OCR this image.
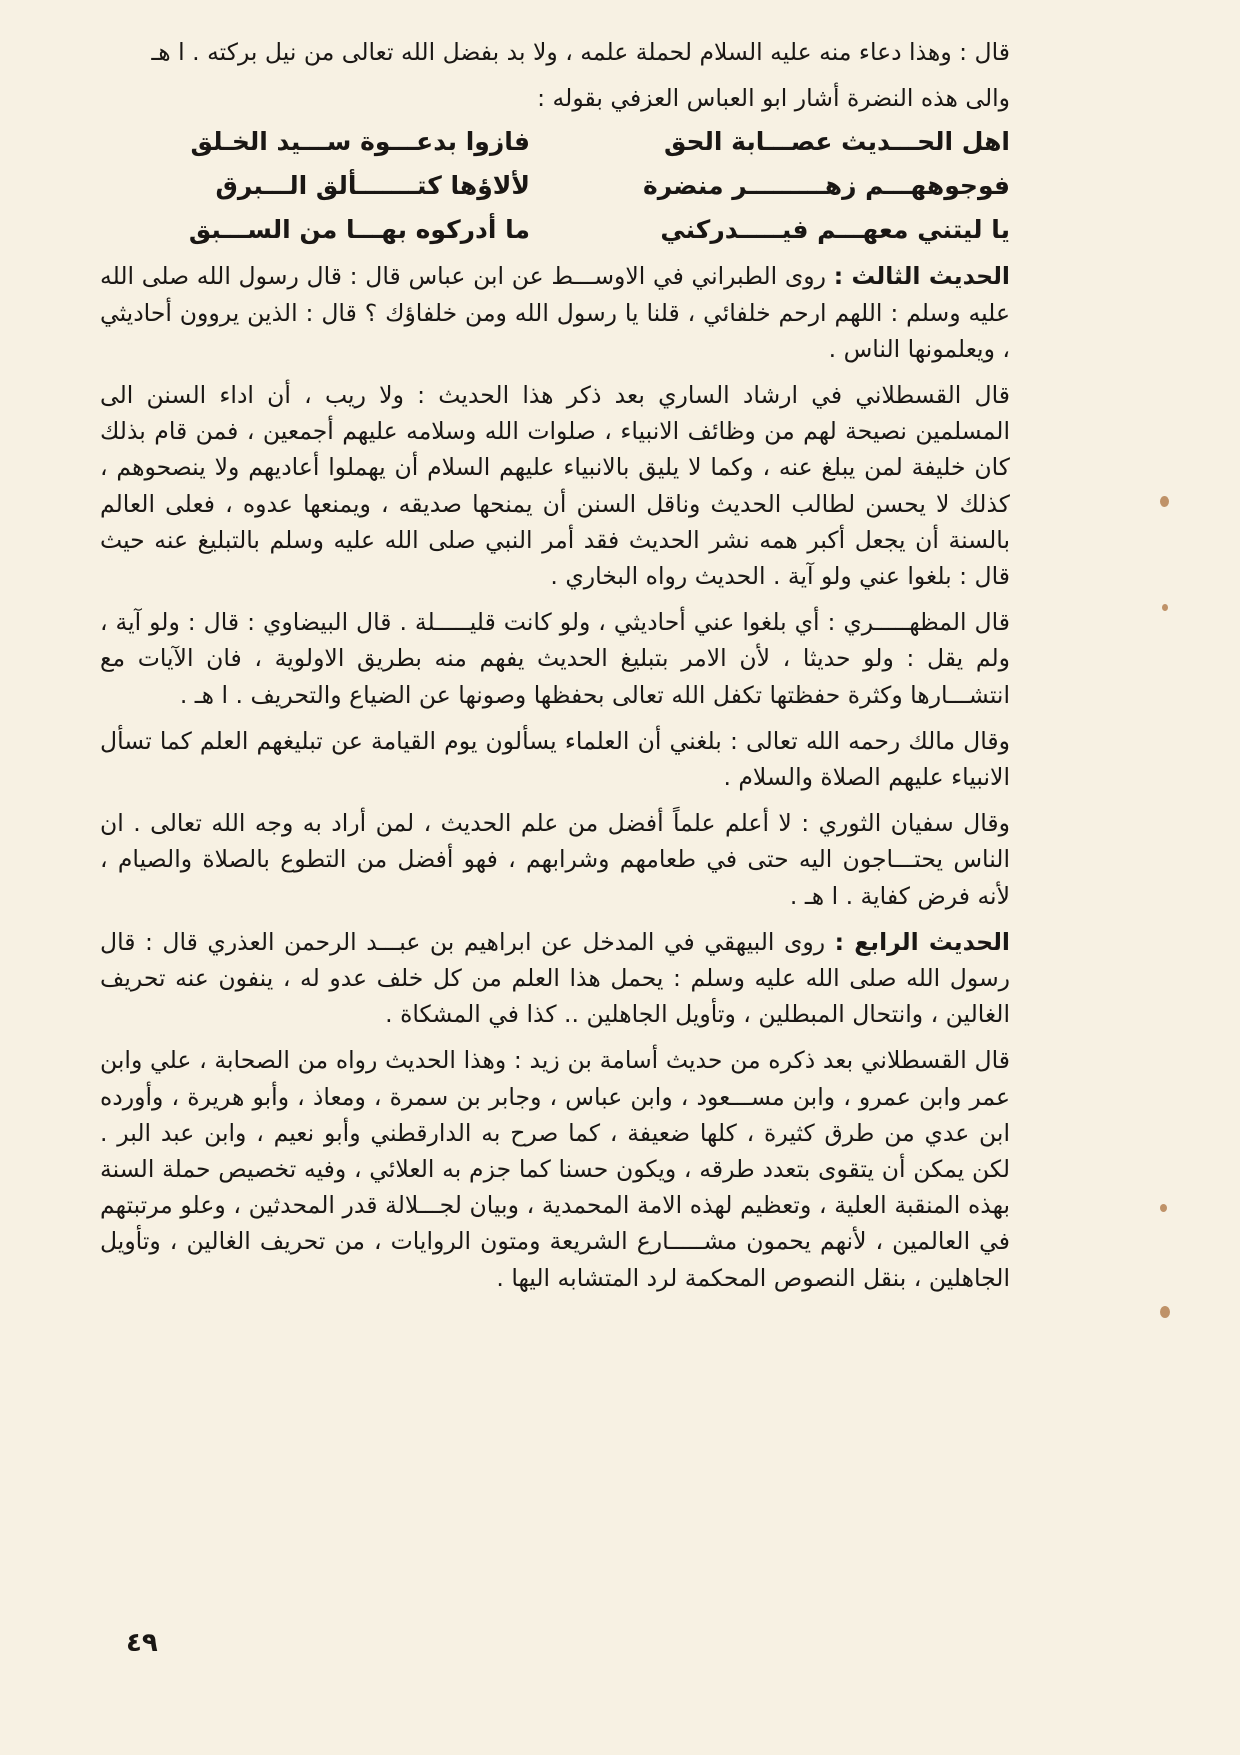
قال : وهذا دعاء منه عليه السلام لحملة علمه ، ولا بد بفضل الله تعالى من نيل بركته . ا هـ

والى هذه النضرة أشار ابو العباس العزفي بقوله :

اهل الحـــديث عصـــابة الحق
فازوا بدعـــوة ســـيد الخـلق
فوجوههـــم زهـــــــــر منضرة
لألاؤها كتـــــــألق الـــبرق
يا ليتني معهـــم فيـــــدركني
ما أدركوه بهـــا من الســـبق

الحديث الثالث : روى الطبراني في الاوســـط عن ابن عباس قال : قال رسول الله صلى الله عليه وسلم : اللهم ارحم خلفائي ، قلنا يا رسول الله ومن خلفاؤك ؟ قال : الذين يروون أحاديثي ، ويعلمونها الناس .

قال القسطلاني في ارشاد الساري بعد ذكر هذا الحديث : ولا ريب ، أن اداء السنن الى المسلمين نصيحة لهم من وظائف الانبياء ، صلوات الله وسلامه عليهم أجمعين ، فمن قام بذلك كان خليفة لمن يبلغ عنه ، وكما لا يليق بالانبياء عليهم السلام أن يهملوا أعاديهم ولا ينصحوهم ، كذلك لا يحسن لطالب الحديث وناقل السنن أن يمنحها صديقه ، ويمنعها عدوه ، فعلى العالم بالسنة أن يجعل أكبر همه نشر الحديث فقد أمر النبي صلى الله عليه وسلم بالتبليغ عنه حيث قال : بلغوا عني ولو آية . الحديث رواه البخاري .

قال المظهـــــري : أي بلغوا عني أحاديثي ، ولو كانت قليـــــلة . قال البيضاوي : قال : ولو آية ، ولم يقل : ولو حديثا ، لأن الامر بتبليغ الحديث يفهم منه بطريق الاولوية ، فان الآيات مع انتشـــارها وكثرة حفظتها تكفل الله تعالى بحفظها وصونها عن الضياع والتحريف . ا هـ .

وقال مالك رحمه الله تعالى : بلغني أن العلماء يسألون يوم القيامة عن تبليغهم العلم كما تسأل الانبياء عليهم الصلاة والسلام .

وقال سفيان الثوري : لا أعلم علماً أفضل من علم الحديث ، لمن أراد به وجه الله تعالى . ان الناس يحتـــاجون اليه حتى في طعامهم وشرابهم ، فهو أفضل من التطوع بالصلاة والصيام ، لأنه فرض كفاية . ا هـ .

الحديث الرابع : روى البيهقي في المدخل عن ابراهيم بن عبـــد الرحمن العذري قال : قال رسول الله صلى الله عليه وسلم : يحمل هذا العلم من كل خلف عدو له ، ينفون عنه تحريف الغالين ، وانتحال المبطلين ، وتأويل الجاهلين .. كذا في المشكاة .

قال القسطلاني بعد ذكره من حديث أسامة بن زيد : وهذا الحديث رواه من الصحابة ، علي وابن عمر وابن عمرو ، وابن مســـعود ، وابن عباس ، وجابر بن سمرة ، ومعاذ ، وأبو هريرة ، وأورده ابن عدي من طرق كثيرة ، كلها ضعيفة ، كما صرح به الدارقطني وأبو نعيم ، وابن عبد البر . لكن يمكن أن يتقوى بتعدد طرقه ، ويكون حسنا كما جزم به العلائي ، وفيه تخصيص حملة السنة بهذه المنقبة العلية ، وتعظيم لهذه الامة المحمدية ، وبيان لجـــلالة قدر المحدثين ، وعلو مرتبتهم في العالمين ، لأنهم يحمون مشـــــارع الشريعة ومتون الروايات ، من تحريف الغالين ، وتأويل الجاهلين ، بنقل النصوص المحكمة لرد المتشابه اليها .

٤٩
